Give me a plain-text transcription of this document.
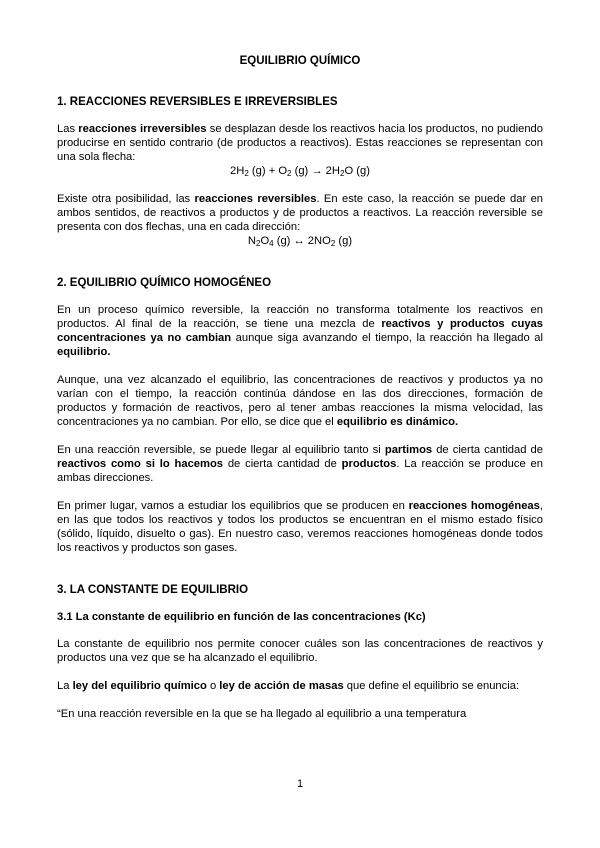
EQUILIBRIO QUÍMICO
1. REACCIONES REVERSIBLES E IRREVERSIBLES

Las reacciones irreversibles se desplazan desde los reactivos hacia los productos, no pudiendo producirse en sentido contrario (de productos a reactivos). Estas reacciones se representan con una sola flecha:

$2H_2$ $(g) + O_2$ $(g) \to 2H_2O$ (g)

Existe otra posibilidad, las reacciones reversibles. En este caso, la reacción se puede dar en ambos sentidos, de reactivos a productos y de productos a reactivos. La reacción reversible se presenta con dos flechas, una en cada dirección:

$N_2O_4$ (g) ↔ $2NO_2$ (g)
2. EQUILIBRIO QUÍMICO HOMOGÉNEO

En un proceso químico reversible, la reacción no transforma totalmente los reactivos en productos. Al final de la reacción, se tiene una mezcla de reactivos y productos cuyas concentraciones ya no cambian aunque siga avanzando el tiempo, la reacción ha llegado al equilibrio.

Aunque, una vez alcanzado el equilibrio, las concentraciones de reactivos y productos ya no varían con el tiempo, la reacción continúa dándose en las dos direcciones, formación de productos y formación de reactivos, pero al tener ambas reacciones la misma velocidad, las concentraciones ya no cambian. Por ello, se dice que el equilibrio es dinámico.

En una reacción reversible, se puede llegar al equilibrio tanto si partimos de cierta cantidad de reactivos como si lo hacemos de cierta cantidad de productos. La reacción se produce en ambas direcciones.

En primer lugar, vamos a estudiar los equilibrios que se producen en reacciones homogéneas, en las que todos los reactivos y todos los productos se encuentran en el mismo estado físico (sólido, líquido, disuelto o gas). En nuestro caso, veremos reacciones homogéneas donde todos los reactivos y productos son gases.

3. LA CONSTANTE DE EQUILIBRIO
3.1 La constante de equilibrio en función de las concentraciones (Kc)

La constante de equilibrio nos permite conocer cuáles son las concentraciones de reactivos y productos una vez que se ha alcanzado el equilibrio.

La ley del equilibrio químico o ley de acción de masas que define el equilibrio se enuncia:

“En una reacción reversible en la que se ha llegado al equilibrio a una temperatura

1
